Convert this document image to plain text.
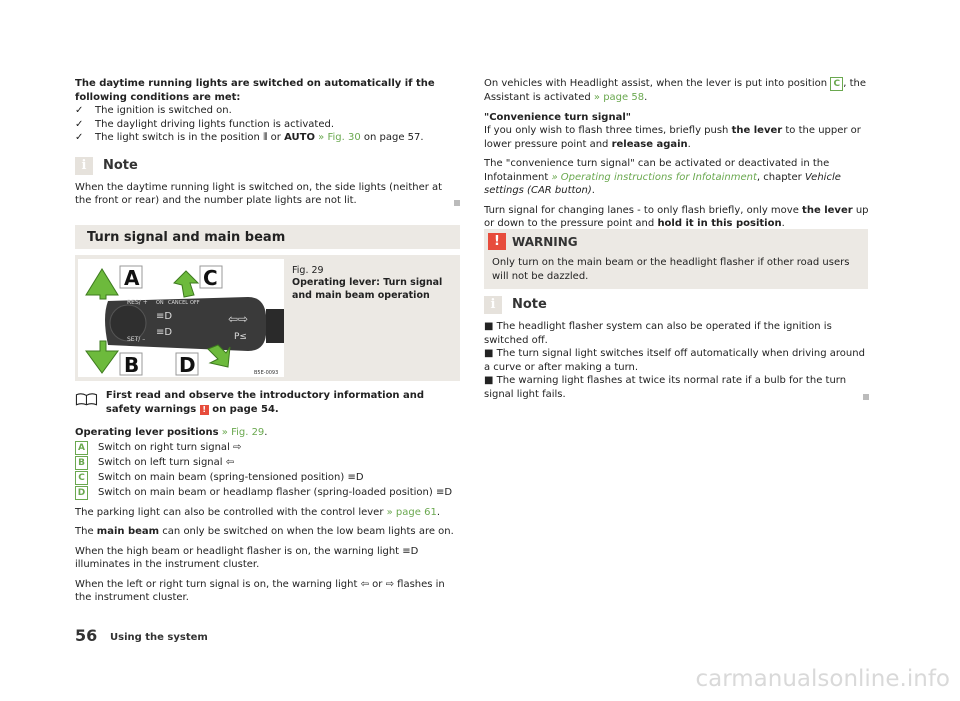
The daytime running lights are switched on automatically if the following conditions are met:

✓	The ignition is switched on.
✓	The daylight driving lights function is activated.
✓	The light switch is in the position ⦀ or AUTO » Fig. 30 on page 57.
i	Note

When the daytime running light is switched on, the side lights (neither at the front or rear) and the number plate lights are not lit.

Turn signal and main beam
RES/ + ON CANCEL OFF
SET/ –
≡D
≡D
⇦⇨
P≤
A	C
B D	B5E-0093
Fig. 29
Operating lever: Turn signal and main beam operation
First read and observe the introductory information and safety warnings ! on page 54.

Operating lever positions » Fig. 29.

A	Switch on right turn signal
⇨
B	Switch on left turn signal
⇦
C	Switch on main beam (spring-tensioned position)
≡D
D Switch on main beam or headlamp flasher (spring-loaded position)
≡D

The parking light can also be controlled with the control lever » page 61.

The main beam can only be switched on when the low beam lights are on.

When the high beam or headlight flasher is on, the warning light ≡D illuminates in the instrument cluster.

When the left or right turn signal is on, the warning light ⇦ or ⇨ flashes in the instrument cluster.

On vehicles with Headlight assist, when the lever is put into position C , the Assistant is activated » page 58.

"Convenience turn signal"

If you only wish to flash three times, briefly push the lever to the upper or lower pressure point and release again.

The "convenience turn signal" can be activated or deactivated in the Infotainment » Operating instructions for Infotainment, chapter Vehicle settings (CAR button).

Turn signal for changing lanes - to only flash briefly, only move the lever up or down to the pressure point and hold it in this position.

!	WARNING
Only turn on the main beam or the headlight flasher if other road users will not be dazzled.
i	Note

■ The headlight flasher system can also be operated if the ignition is switched off.

■ The turn signal light switches itself off automatically when driving around a curve or after making a turn.

■ The warning light flashes at twice its normal rate if a bulb for the turn signal light fails.

56 Using the system
carmanualsonline.info
